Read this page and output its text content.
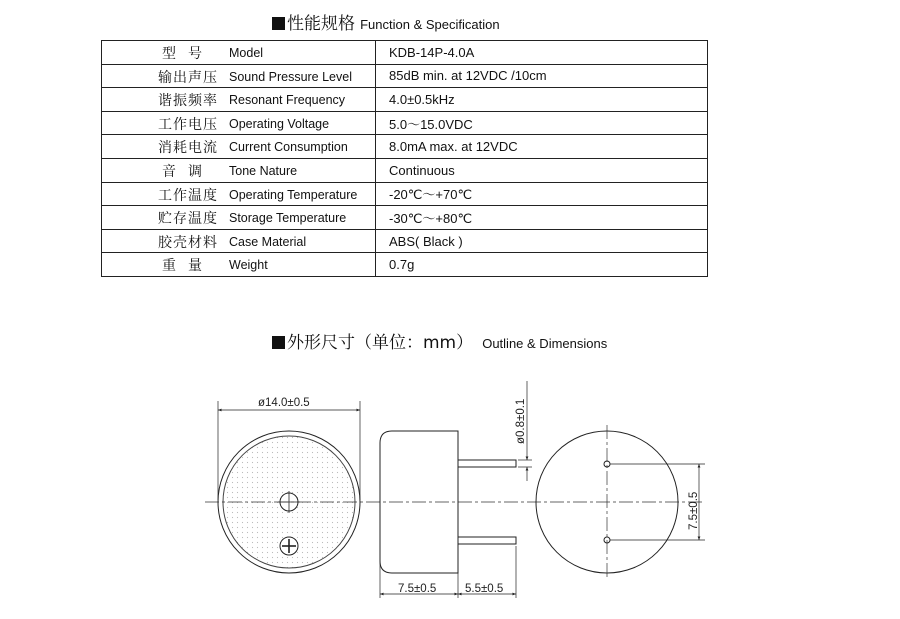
性能规格 Function & Specification
型号 Model	KDB-14P-4.0A

输出声压 Sound Pressure Level	85dB min. at 12VDC /10cm

谐振频率 Resonant Frequency	4.0±0.5kHz

工作电压 Operating Voltage	5.0～15.0VDC

消耗电流 Current Consumption	8.0mA max. at 12VDC

音调 Tone Nature	Continuous

工作温度 Operating Temperature	-20℃～+70℃

贮存温度 Storage Temperature	-30℃～+80℃

胶壳材料 Case Material	ABS( Black )

重量 Weight	0.7g
外形尺寸（单位：mm） Outline & Dimensions
ø14.0±0.5
7.5±0.5 5.5±0.5
ø0.8±0.1
7.5±0.5
